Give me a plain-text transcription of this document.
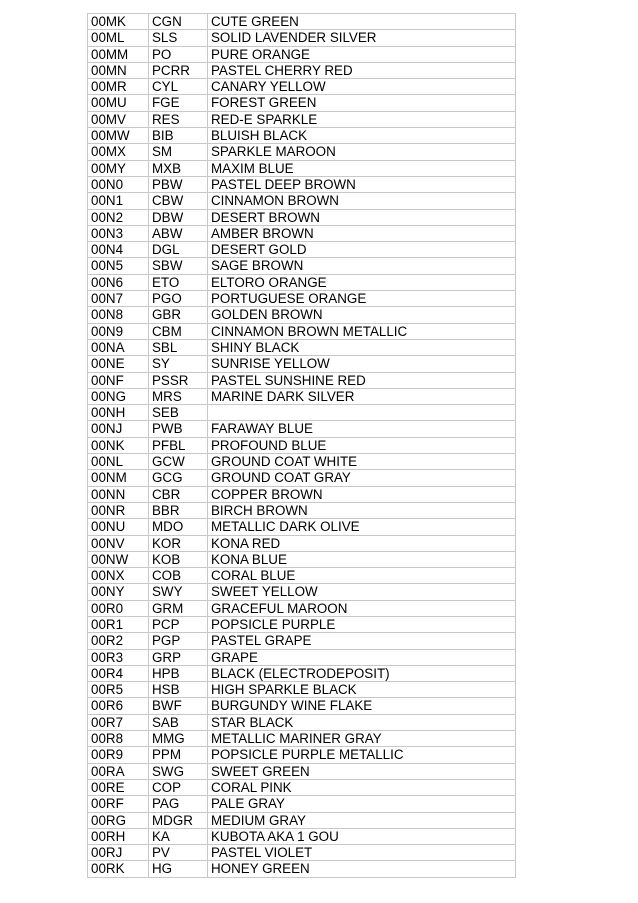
00MK	CGN	CUTE GREEN
00ML	SLS	SOLID LAVENDER SILVER
00MM	PO	PURE ORANGE
00MN	PCRR	PASTEL CHERRY RED
00MR	CYL	CANARY YELLOW
00MU	FGE	FOREST GREEN
00MV	RES	RED-E SPARKLE
00MW	BIB	BLUISH BLACK
00MX	SM	SPARKLE MAROON
00MY	MXB	MAXIM BLUE
00N0	PBW	PASTEL DEEP BROWN
00N1	CBW	CINNAMON BROWN
00N2	DBW	DESERT BROWN
00N3	ABW	AMBER BROWN
00N4	DGL	DESERT GOLD
00N5	SBW	SAGE BROWN
00N6	ETO	ELTORO ORANGE
00N7	PGO	PORTUGUESE ORANGE
00N8	GBR	GOLDEN BROWN
00N9	CBM	CINNAMON BROWN METALLIC
00NA	SBL	SHINY BLACK
00NE	SY	SUNRISE YELLOW
00NF	PSSR	PASTEL SUNSHINE RED
00NG	MRS	MARINE DARK SILVER
00NH	SEB	
00NJ	PWB	FARAWAY BLUE
00NK	PFBL	PROFOUND BLUE
00NL	GCW	GROUND COAT WHITE
00NM	GCG	GROUND COAT GRAY
00NN	CBR	COPPER BROWN
00NR	BBR	BIRCH BROWN
00NU	MDO	METALLIC DARK OLIVE
00NV	KOR	KONA RED
00NW	KOB	KONA BLUE
00NX	COB	CORAL BLUE
00NY	SWY	SWEET YELLOW
00R0	GRM	GRACEFUL MAROON
00R1	PCP	POPSICLE PURPLE
00R2	PGP	PASTEL GRAPE
00R3	GRP	GRAPE
00R4	HPB	BLACK (ELECTRODEPOSIT)
00R5	HSB	HIGH SPARKLE BLACK
00R6	BWF	BURGUNDY WINE FLAKE
00R7	SAB	STAR BLACK
00R8	MMG	METALLIC MARINER GRAY
00R9	PPM	POPSICLE PURPLE METALLIC
00RA	SWG	SWEET GREEN
00RE	COP	CORAL PINK
00RF	PAG	PALE GRAY
00RG	MDGR	MEDIUM GRAY
00RH	KA	KUBOTA AKA 1 GOU
00RJ	PV	PASTEL VIOLET
00RK	HG	HONEY GREEN
